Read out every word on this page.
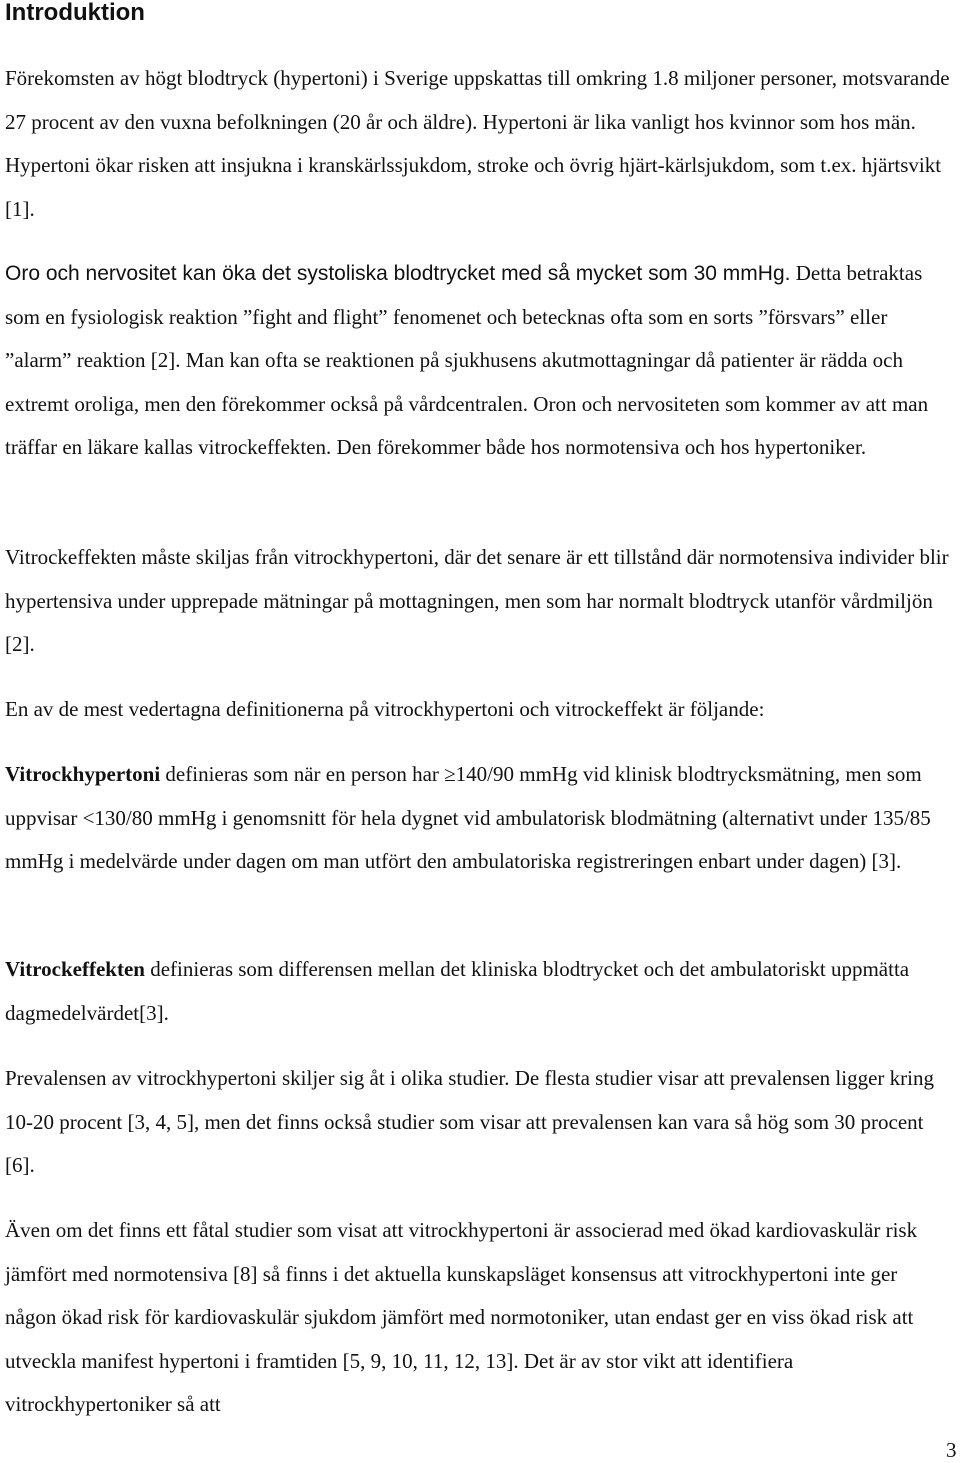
Introduktion

Förekomsten av högt blodtryck (hypertoni) i Sverige uppskattas till omkring 1.8 miljoner personer, motsvarande 27 procent av den vuxna befolkningen (20 år och äldre). Hypertoni är lika vanligt hos kvinnor som hos män. Hypertoni ökar risken att insjukna i kranskärlssjukdom, stroke och övrig hjärt-kärlsjukdom, som t.ex. hjärtsvikt [1].

Oro och nervositet kan öka det systoliska blodtrycket med så mycket som 30 mmHg. Detta betraktas som en fysiologisk reaktion ”fight and flight” fenomenet och betecknas ofta som en sorts ”försvars” eller ”alarm” reaktion [2]. Man kan ofta se reaktionen på sjukhusens akutmottagningar då patienter är rädda och extremt oroliga, men den förekommer också på vårdcentralen. Oron och nervositeten som kommer av att man träffar en läkare kallas vitrockeffekten. Den förekommer både hos normotensiva och hos hypertoniker.

Vitrockeffekten måste skiljas från vitrockhypertoni, där det senare är ett tillstånd där normotensiva individer blir hypertensiva under upprepade mätningar på mottagningen, men som har normalt blodtryck utanför vårdmiljön [2].

En av de mest vedertagna definitionerna på vitrockhypertoni och vitrockeffekt är följande:

Vitrockhypertoni definieras som när en person har ≥140/90 mmHg vid klinisk blodtrycksmätning, men som uppvisar <130/80 mmHg i genomsnitt för hela dygnet vid ambulatorisk blodmätning (alternativt under 135/85 mmHg i medelvärde under dagen om man utfört den ambulatoriska registreringen enbart under dagen) [3].

Vitrockeffekten definieras som differensen mellan det kliniska blodtrycket och det ambulatoriskt uppmätta dagmedelvärdet[3].

Prevalensen av vitrockhypertoni skiljer sig åt i olika studier. De flesta studier visar att prevalensen ligger kring 10-20 procent [3, 4, 5], men det finns också studier som visar att prevalensen kan vara så hög som 30 procent [6].

Även om det finns ett fåtal studier som visat att vitrockhypertoni är associerad med ökad kardiovaskulär risk jämfört med normotensiva [8] så finns i det aktuella kunskapsläget konsensus att vitrockhypertoni inte ger någon ökad risk för kardiovaskulär sjukdom jämfört med normotoniker, utan endast ger en viss ökad risk att utveckla manifest hypertoni i framtiden [5, 9, 10, 11, 12, 13]. Det är av stor vikt att identifiera vitrockhypertoniker så att

3
